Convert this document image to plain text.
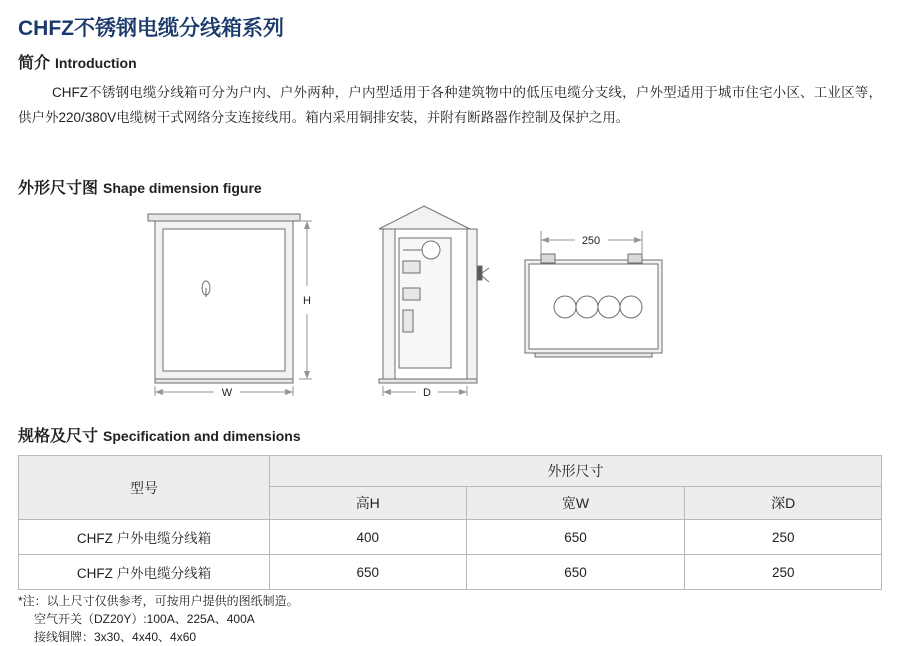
CHFZ不锈钢电缆分线箱系列
简介 Introduction
CHFZ不锈钢电缆分线箱可分为户内、户外两种，户内型适用于各种建筑物中的低压电缆分支线，户外型适用于城市住宅小区、工业区等，供户外220/380V电缆树干式网络分支连接线用。箱内采用铜排安装，并附有断路器作控制及保护之用。
外形尺寸图 Shape dimension figure
H
W	D
250
规格及尺寸 Specification and dimensions
型号	外形尺寸		
	高H	宽W	深D
CHFZ 户外电缆分线箱	400	650	250
CHFZ 户外电缆分线箱	650	650	250
*注：以上尺寸仅供参考，可按用户提供的图纸制造。
空气开关（DZ20Y）:100A、225A、400A
接线铜牌：3x30、4x40、4x60
